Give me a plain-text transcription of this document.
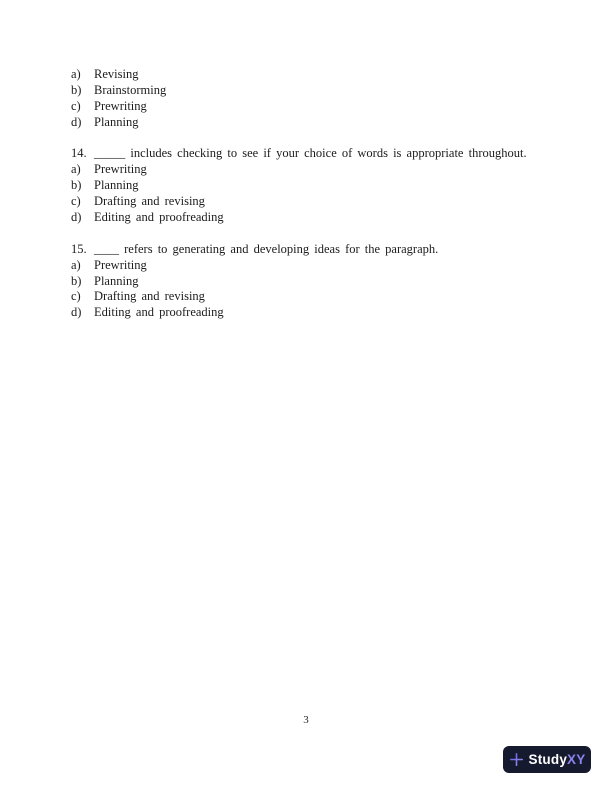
a)	Revising
b)	Brainstorming
c)	Prewriting
d)	Planning
14. _____ includes checking to see if your choice of words is appropriate throughout.
a)	Prewriting
b)	Planning
c)	Drafting and revising
d)	Editing and proofreading
15. ____ refers to generating and developing ideas for the paragraph.
a)	Prewriting
b)	Planning
c)	Drafting and revising
d)	Editing and proofreading
3
Study XY
